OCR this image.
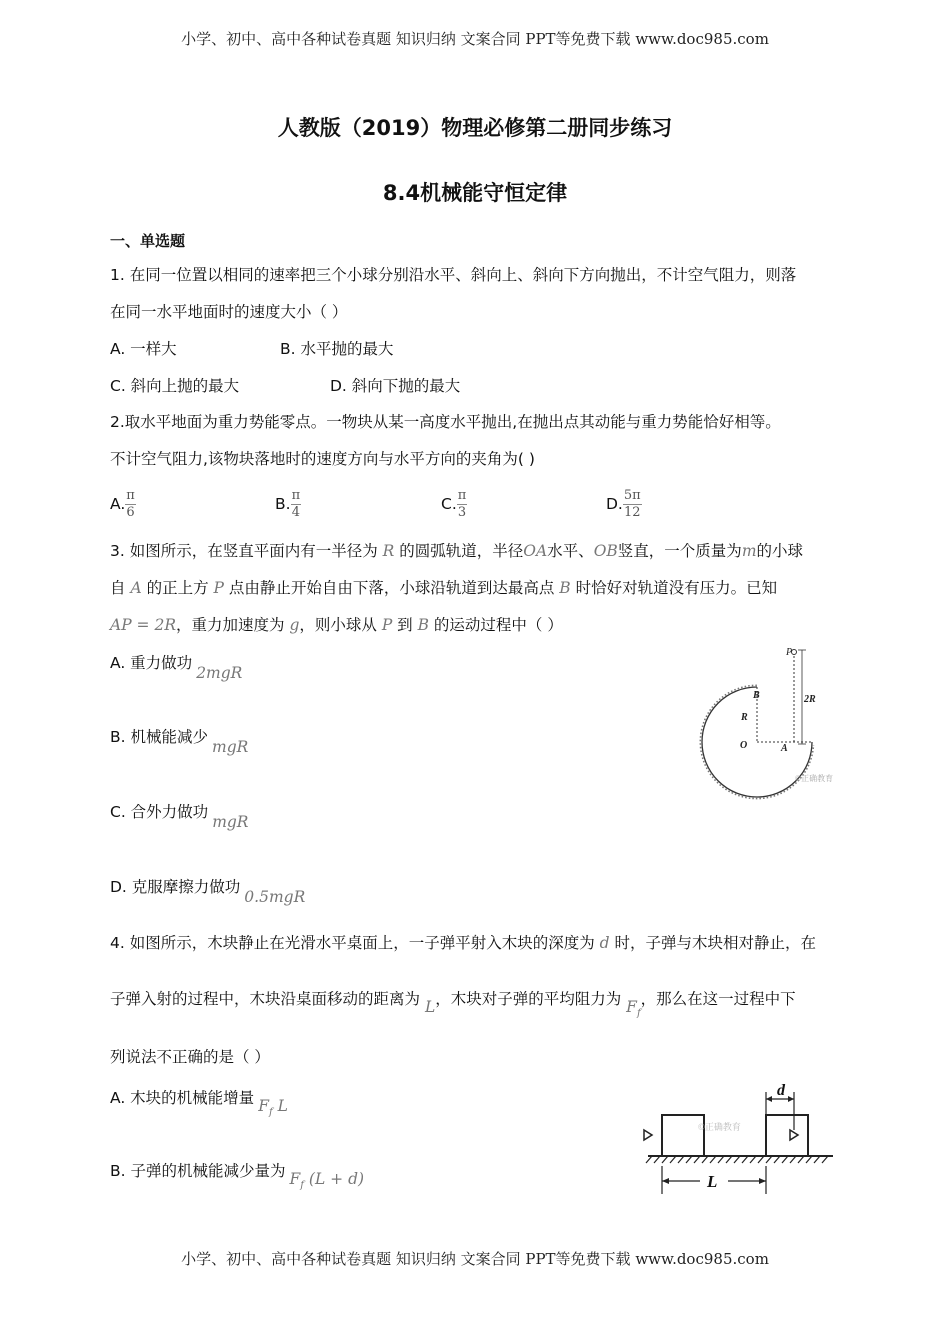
小学、初中、高中各种试卷真题 知识归纳 文案合同 PPT等免费下载 www.doc985.com
人教版（2019）物理必修第二册同步练习
8.4机械能守恒定律
一、单选题
1. 在同一位置以相同的速率把三个小球分别沿水平、斜向上、斜向下方向抛出，不计空气阻力，则落
在同一水平地面时的速度大小（ ）
A. 一样大	B. 水平抛的最大
C. 斜向上抛的最大	D. 斜向下抛的最大
2.取水平地面为重力势能零点。一物块从某一高度水平抛出,在抛出点其动能与重力势能恰好相等。
不计空气阻力,该物块落地时的速度方向与水平方向的夹角为( )
A. $\frac{\pi}{6}$	B. $\frac{\pi}{4}$	C. $\frac{\pi}{3}$	D. $\frac{5\pi}{12}$
3. 如图所示，在竖直平面内有一半径为 R 的圆弧轨道，半径OA水平、OB竖直，一个质量为m的小球
自 A 的正上方 P 点由静止开始自由下落，小球沿轨道到达最高点 B 时恰好对轨道没有压力。已知
AP = 2R，重力加速度为 g，则小球从 P 到 B 的运动过程中（ ）
A. 重力做功2mgR
B. 机械能减少mgR
C. 合外力做功mgR
D. 克服摩擦力做功0.5mgR
P
B
R
2R
O	A
©正确教育
4. 如图所示，木块静止在光滑水平桌面上，一子弹平射入木块的深度为 d 时，子弹与木块相对静止，在
子弹入射的过程中，木块沿桌面移动的距离为 L，木块对子弹的平均阻力为 $F_f$，那么在这一过程中下
列说法不正确的是（ ）
A. 木块的机械能增量 $F_f$ L
B. 子弹的机械能减少量为 $F_f$ (L + d)
d
L
©正确教育
小学、初中、高中各种试卷真题 知识归纳 文案合同 PPT等免费下载 www.doc985.com
